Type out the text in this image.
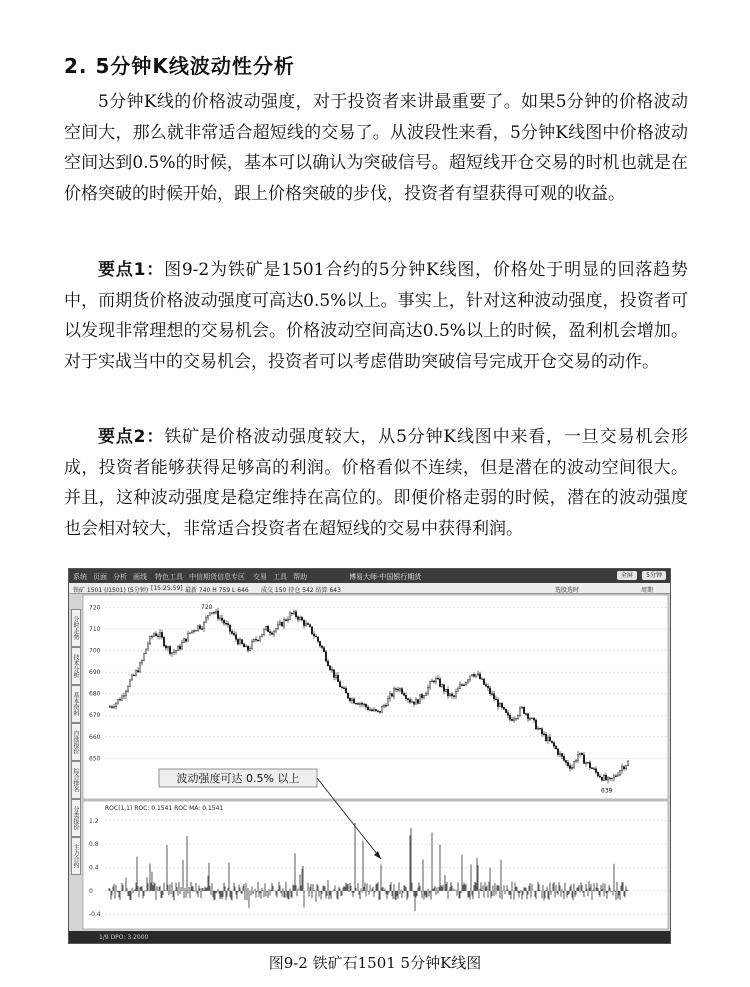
2. 5分钟K线波动性分析

5分钟K线的价格波动强度，对于投资者来讲最重要了。如果5分钟的价格波动空间大，那么就非常适合超短线的交易了。从波段性来看，5分钟K线图中价格波动空间达到0.5%的时候，基本可以确认为突破信号。超短线开仓交易的时机也就是在价格突破的时候开始，跟上价格突破的步伐，投资者有望获得可观的收益。

要点1：图9-2为铁矿是1501合约的5分钟K线图，价格处于明显的回落趋势中，而期货价格波动强度可高达0.5%以上。事实上，针对这种波动强度，投资者可以发现非常理想的交易机会。价格波动空间高达0.5%以上的时候，盈利机会增加。对于实战当中的交易机会，投资者可以考虑借助突破信号完成开仓交易的动作。

要点2：铁矿是价格波动强度较大，从5分钟K线图中来看，一旦交易机会形成，投资者能够获得足够高的利润。价格看似不连续，但是潜在的波动空间很大。并且，这种波动强度是稳定维持在高位的。即便价格走弱的时候，潜在的波动强度也会相对较大，非常适合投资者在超短线的交易中获得利润。

系统 页面 分析 画线 特色工具 中信期货信息专区 交易 工具 帮助	博易大师·中国银行期货	全屏 5分钟
铁矿 1501 (I1501) (5分钟) [15:25:59] 最新 740 H 759 L 646 成交 150 持仓 542 结算 643	选股选时	周期
分时走势
技术分析
基本资料
自选报价
综合排名
分类报价
主力合约
720
710
700
690
680
670
660
650
720
639
1.2
0.8
0.4
0
-0.4
波动强度可达 0.5% 以上
ROC(1,1) ROC: 0.1541 ROC MA: 0.1541
1/9 DPO: 3.2000
图9-2 铁矿石1501 5分钟K线图
